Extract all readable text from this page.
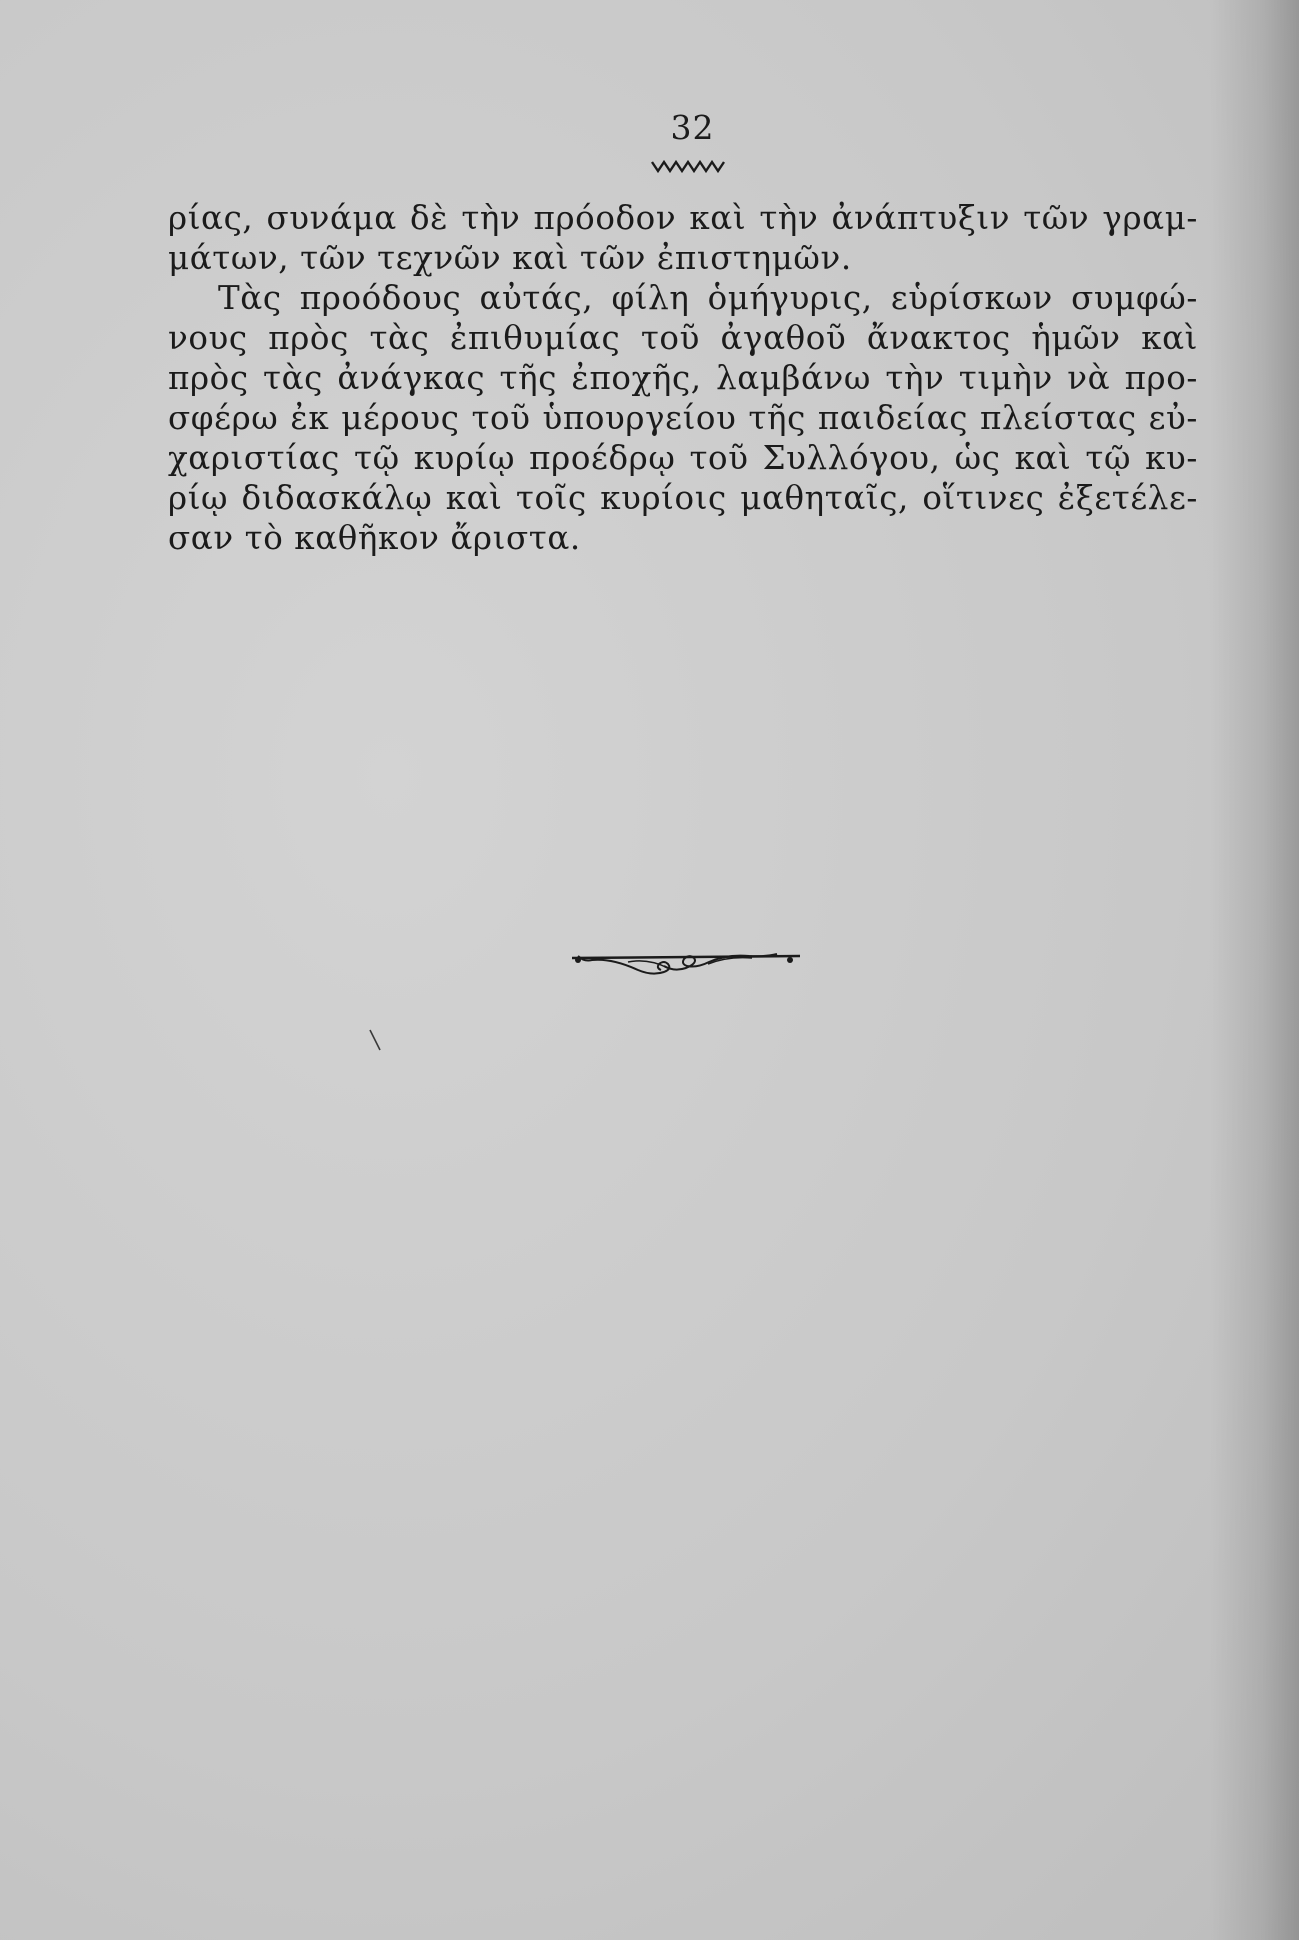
32
ρίας, συνάμα δὲ τὴν πρόοδον καὶ τὴν ἀνάπτυξιν τῶν γραμ-
μάτων, τῶν τεχνῶν καὶ τῶν ἐπιστημῶν.
Τὰς προόδους αὐτάς, φίλη ὁμήγυρις, εὑρίσκων συμφώ-
νους πρὸς τὰς ἐπιθυμίας τοῦ ἀγαθοῦ ἄνακτος ἡμῶν καὶ
πρὸς τὰς ἀνάγκας τῆς ἐποχῆς, λαμβάνω τὴν τιμὴν νὰ προ-
σφέρω ἐκ μέρους τοῦ ὑπουργείου τῆς παιδείας πλείστας εὐ-
χαριστίας τῷ κυρίῳ προέδρῳ τοῦ Συλλόγου, ὡς καὶ τῷ κυ-
ρίῳ διδασκάλῳ καὶ τοῖς κυρίοις μαθηταῖς, οἵτινες ἐξετέλε-
σαν τὸ καθῆκον ἄριστα.
